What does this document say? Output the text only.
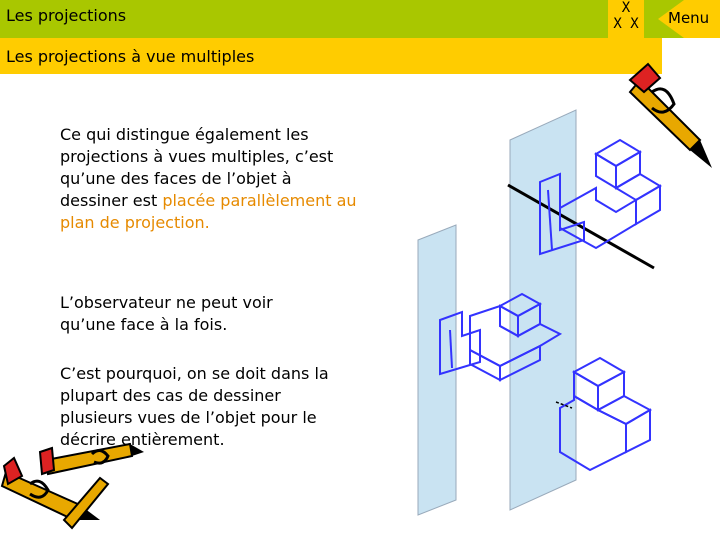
Les projections
Les projections à vue multiples
X
X X	Menu
Ce qui distingue également les
projections à vues multiples, c’est
qu’une des faces de l’objet à
dessiner est placée parallèlement au
plan de projection.
L’observateur ne peut voir
qu’une face à la fois.
C’est pourquoi, on se doit dans la
plupart des cas de dessiner
plusieurs vues de l’objet pour le
décrire entièrement.
